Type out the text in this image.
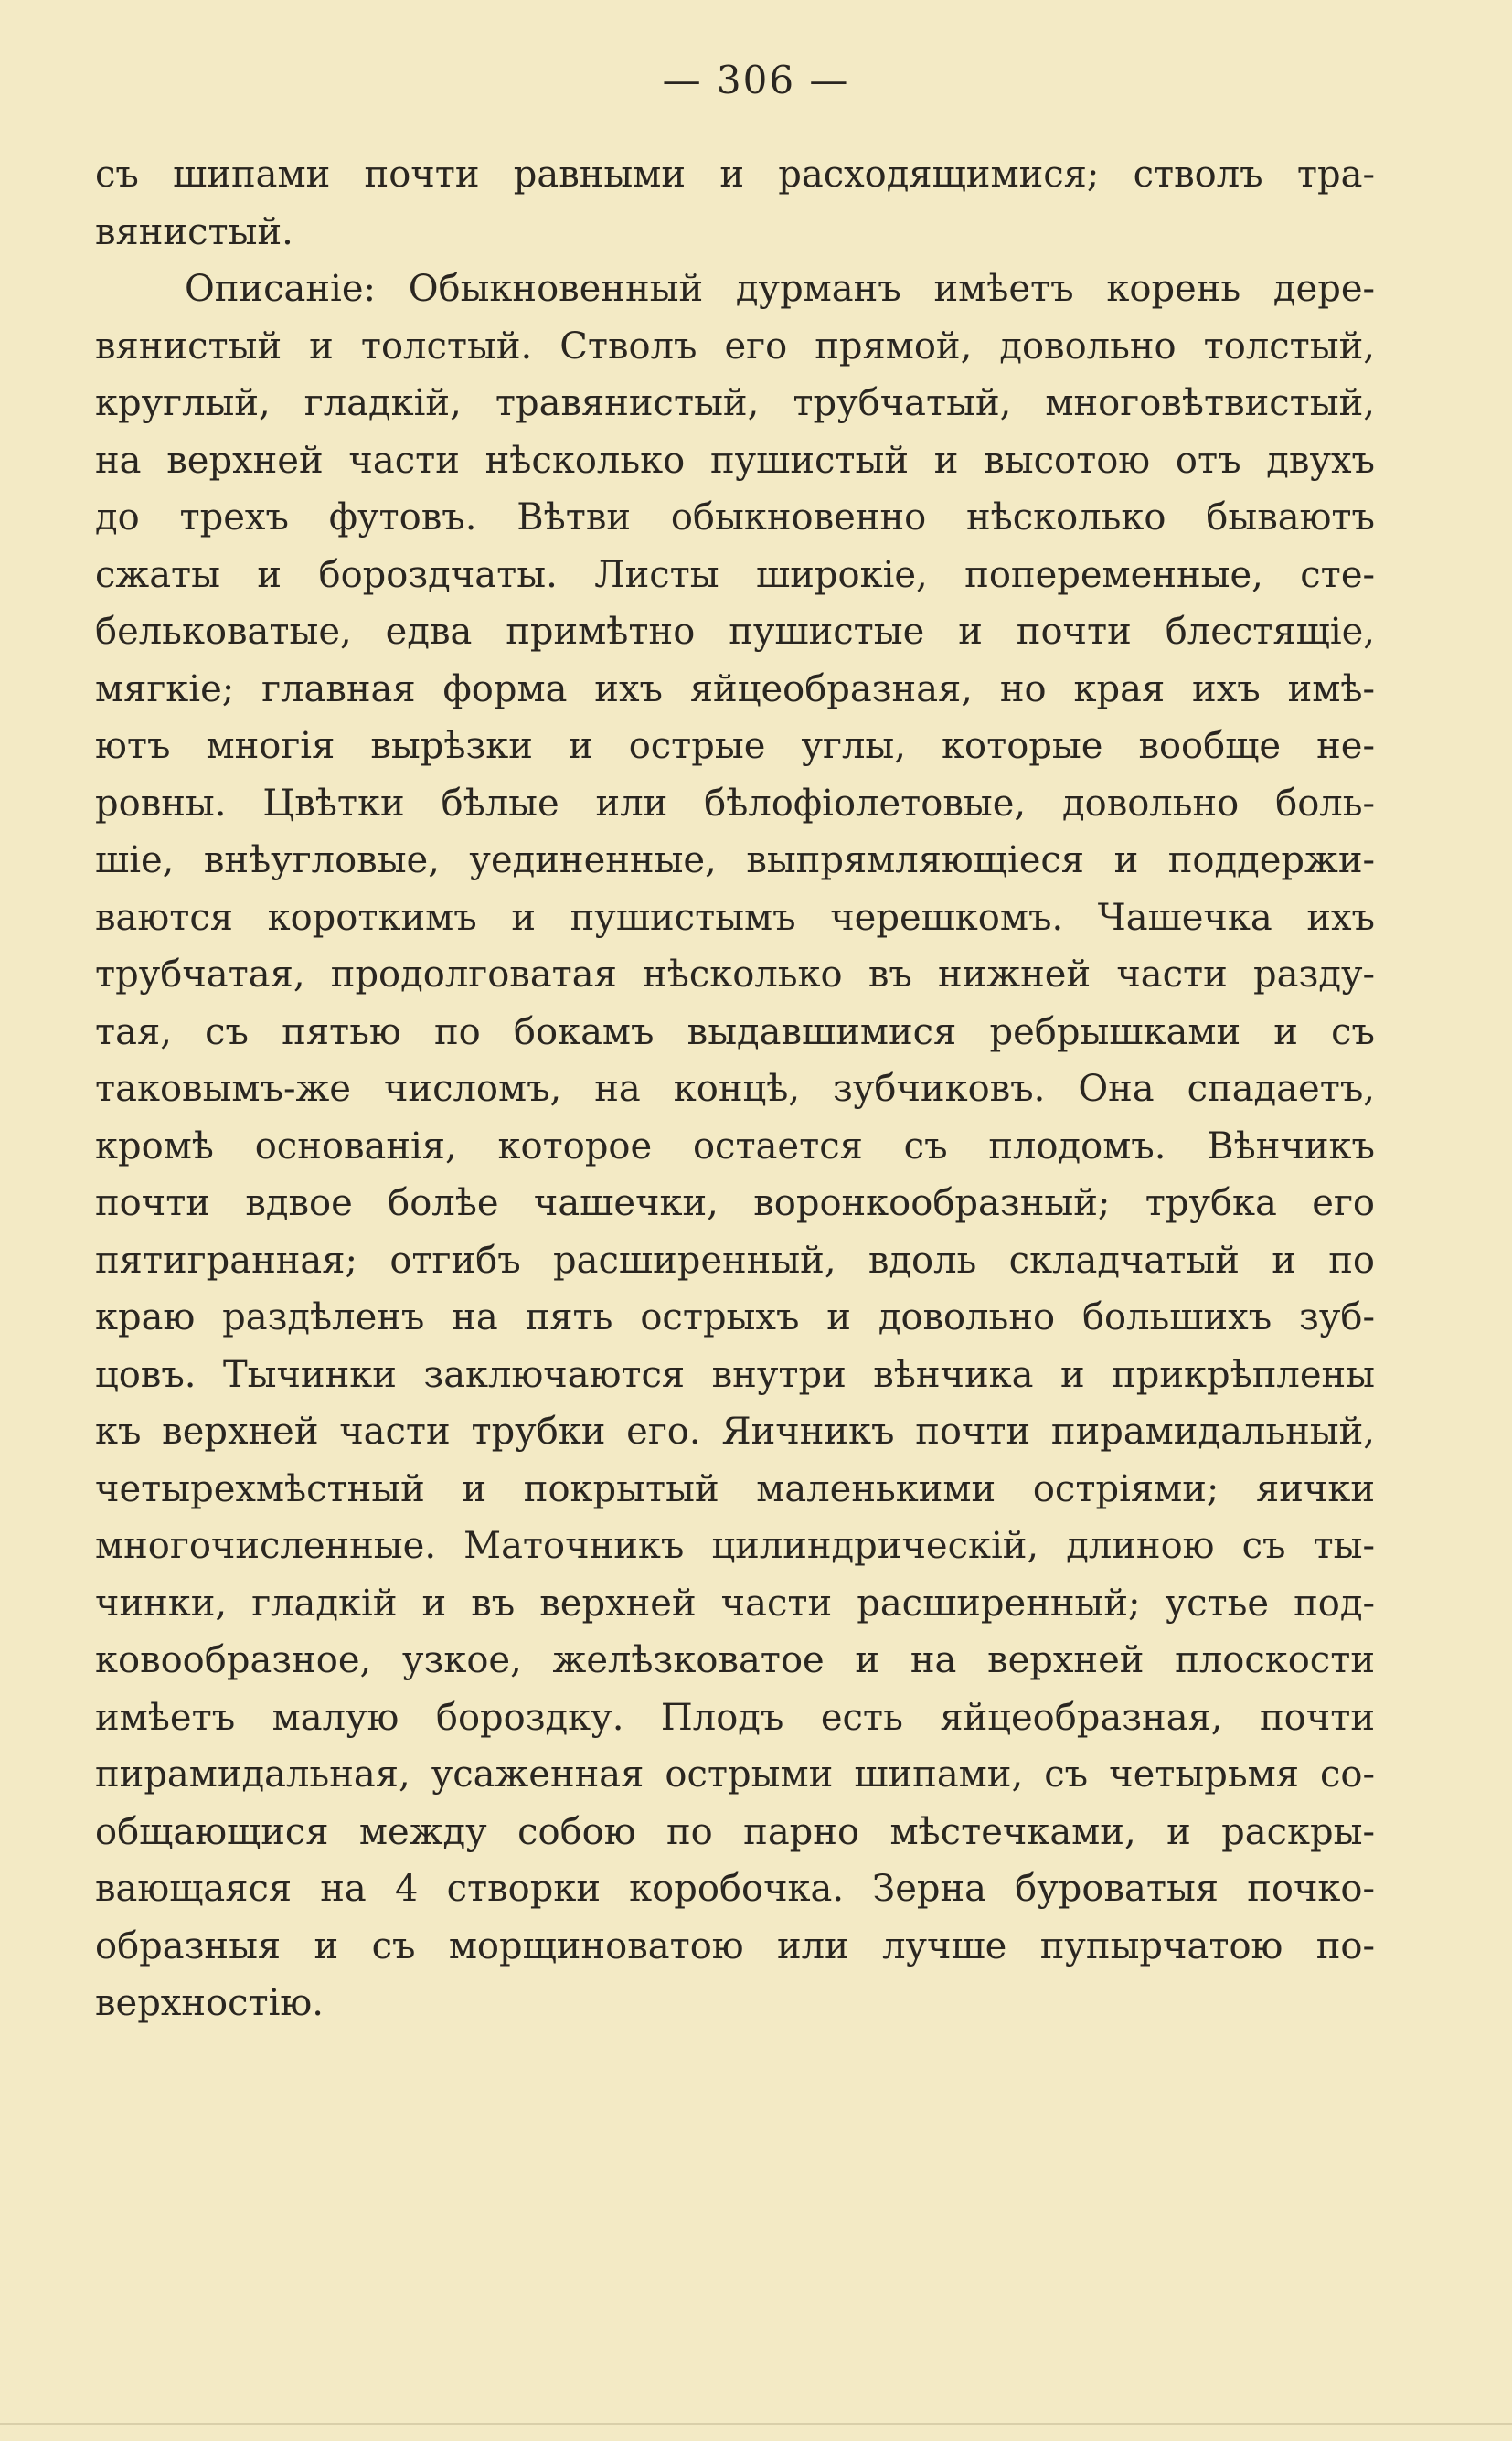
— 306 —
съ шипами почти равными и расходящимися; стволъ тра-
вянистый.
Описаніе: Обыкновенный дурманъ имѣетъ корень дере-
вянистый и толстый. Стволъ его прямой, довольно толстый,
круглый, гладкій, травянистый, трубчатый, многовѣтвистый,
на верхней части нѣсколько пушистый и высотою отъ двухъ
до трехъ футовъ. Вѣтви обыкновенно нѣсколько бываютъ
сжаты и бороздчаты. Листы широкіе, попеременные, сте-
бельковатые, едва примѣтно пушистые и почти блестящіе,
мягкіе; главная форма ихъ яйцеобразная, но края ихъ имѣ-
ютъ многія вырѣзки и острые углы, которые вообще не-
ровны. Цвѣтки бѣлые или бѣлофіолетовые, довольно боль-
шіе, внѣугловые, уединенные, выпрямляющіеся и поддержи-
ваются короткимъ и пушистымъ черешкомъ. Чашечка ихъ
трубчатая, продолговатая нѣсколько въ нижней части разду-
тая, съ пятью по бокамъ выдавшимися ребрышками и съ
таковымъ-же числомъ, на концѣ, зубчиковъ. Она спадаетъ,
кромѣ основанія, которое остается съ плодомъ. Вѣнчикъ
почти вдвое болѣе чашечки, воронкообразный; трубка его
пятигранная; отгибъ расширенный, вдоль складчатый и по
краю раздѣленъ на пять острыхъ и довольно большихъ зуб-
цовъ. Тычинки заключаются внутри вѣнчика и прикрѣплены
къ верхней части трубки его. Яичникъ почти пирамидальный,
четырехмѣстный и покрытый маленькими остріями; яички
многочисленные. Маточникъ цилиндрическій, длиною съ ты-
чинки, гладкій и въ верхней части расширенный; устье под-
ковообразное, узкое, желѣзковатое и на верхней плоскости
имѣетъ малую бороздку. Плодъ есть яйцеобразная, почти
пирамидальная, усаженная острыми шипами, съ четырьмя со-
общающися между собою по парно мѣстечками, и раскры-
вающаяся на 4 створки коробочка. Зерна буроватыя почко-
образныя и съ морщиноватою или лучше пупырчатою по-
верхностію.
